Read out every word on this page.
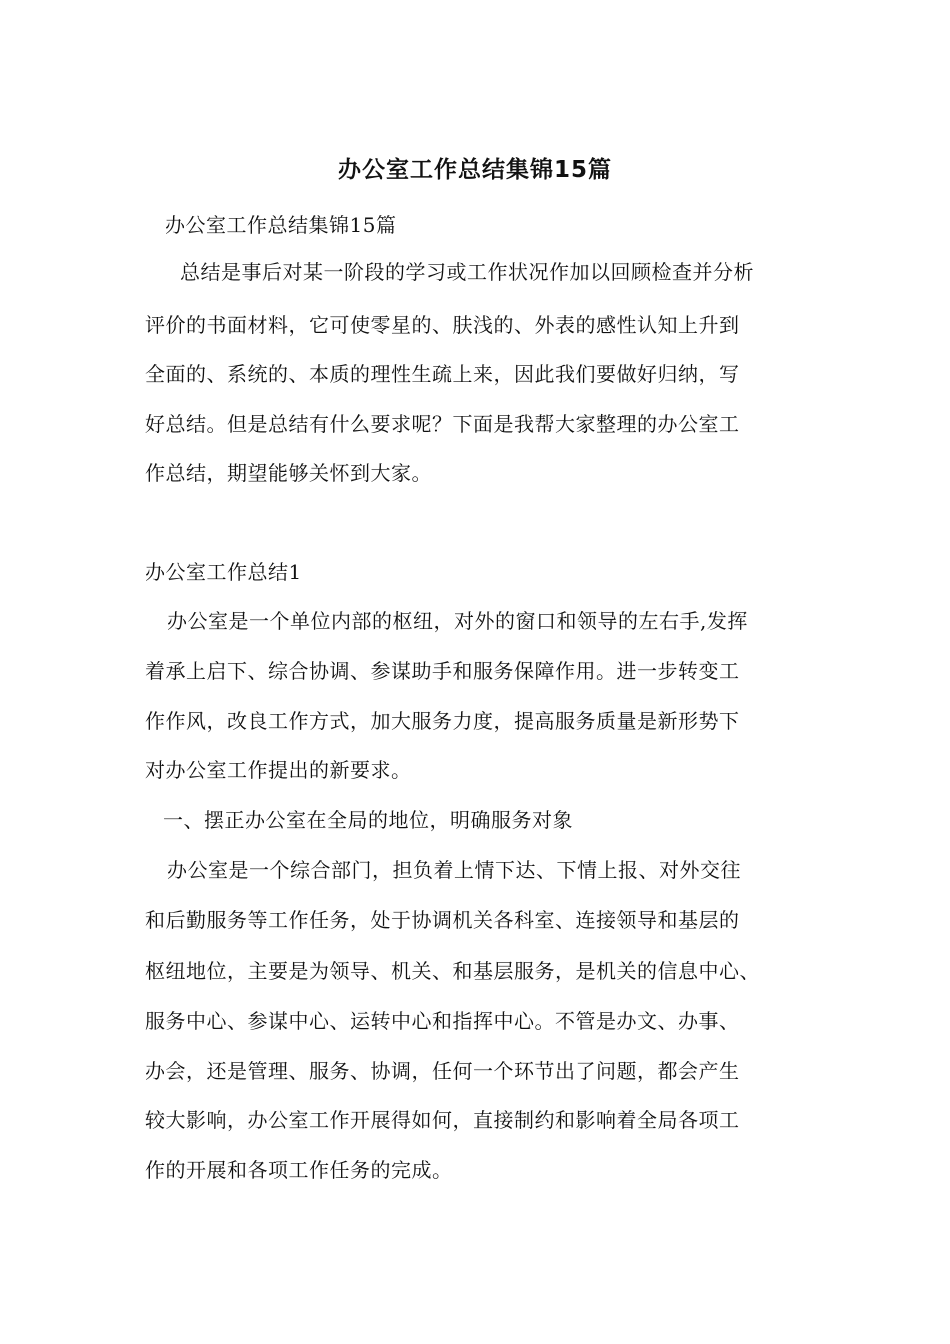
办公室工作总结集锦15篇
办公室工作总结集锦15篇
总结是事后对某一阶段的学习或工作状况作加以回顾检查并分析
评价的书面材料，它可使零星的、肤浅的、外表的感性认知上升到
全面的、系统的、本质的理性生疏上来，因此我们要做好归纳，写
好总结。但是总结有什么要求呢？下面是我帮大家整理的办公室工
作总结，期望能够关怀到大家。
办公室工作总结1
办公室是一个单位内部的枢纽，对外的窗口和领导的左右手,发挥
着承上启下、综合协调、参谋助手和服务保障作用。进一步转变工
作作风，改良工作方式，加大服务力度，提高服务质量是新形势下
对办公室工作提出的新要求。
一、摆正办公室在全局的地位，明确服务对象
办公室是一个综合部门，担负着上情下达、下情上报、对外交往
和后勤服务等工作任务，处于协调机关各科室、连接领导和基层的
枢纽地位，主要是为领导、机关、和基层服务，是机关的信息中心、
服务中心、参谋中心、运转中心和指挥中心。不管是办文、办事、
办会，还是管理、服务、协调，任何一个环节出了问题，都会产生
较大影响，办公室工作开展得如何，直接制约和影响着全局各项工
作的开展和各项工作任务的完成。
